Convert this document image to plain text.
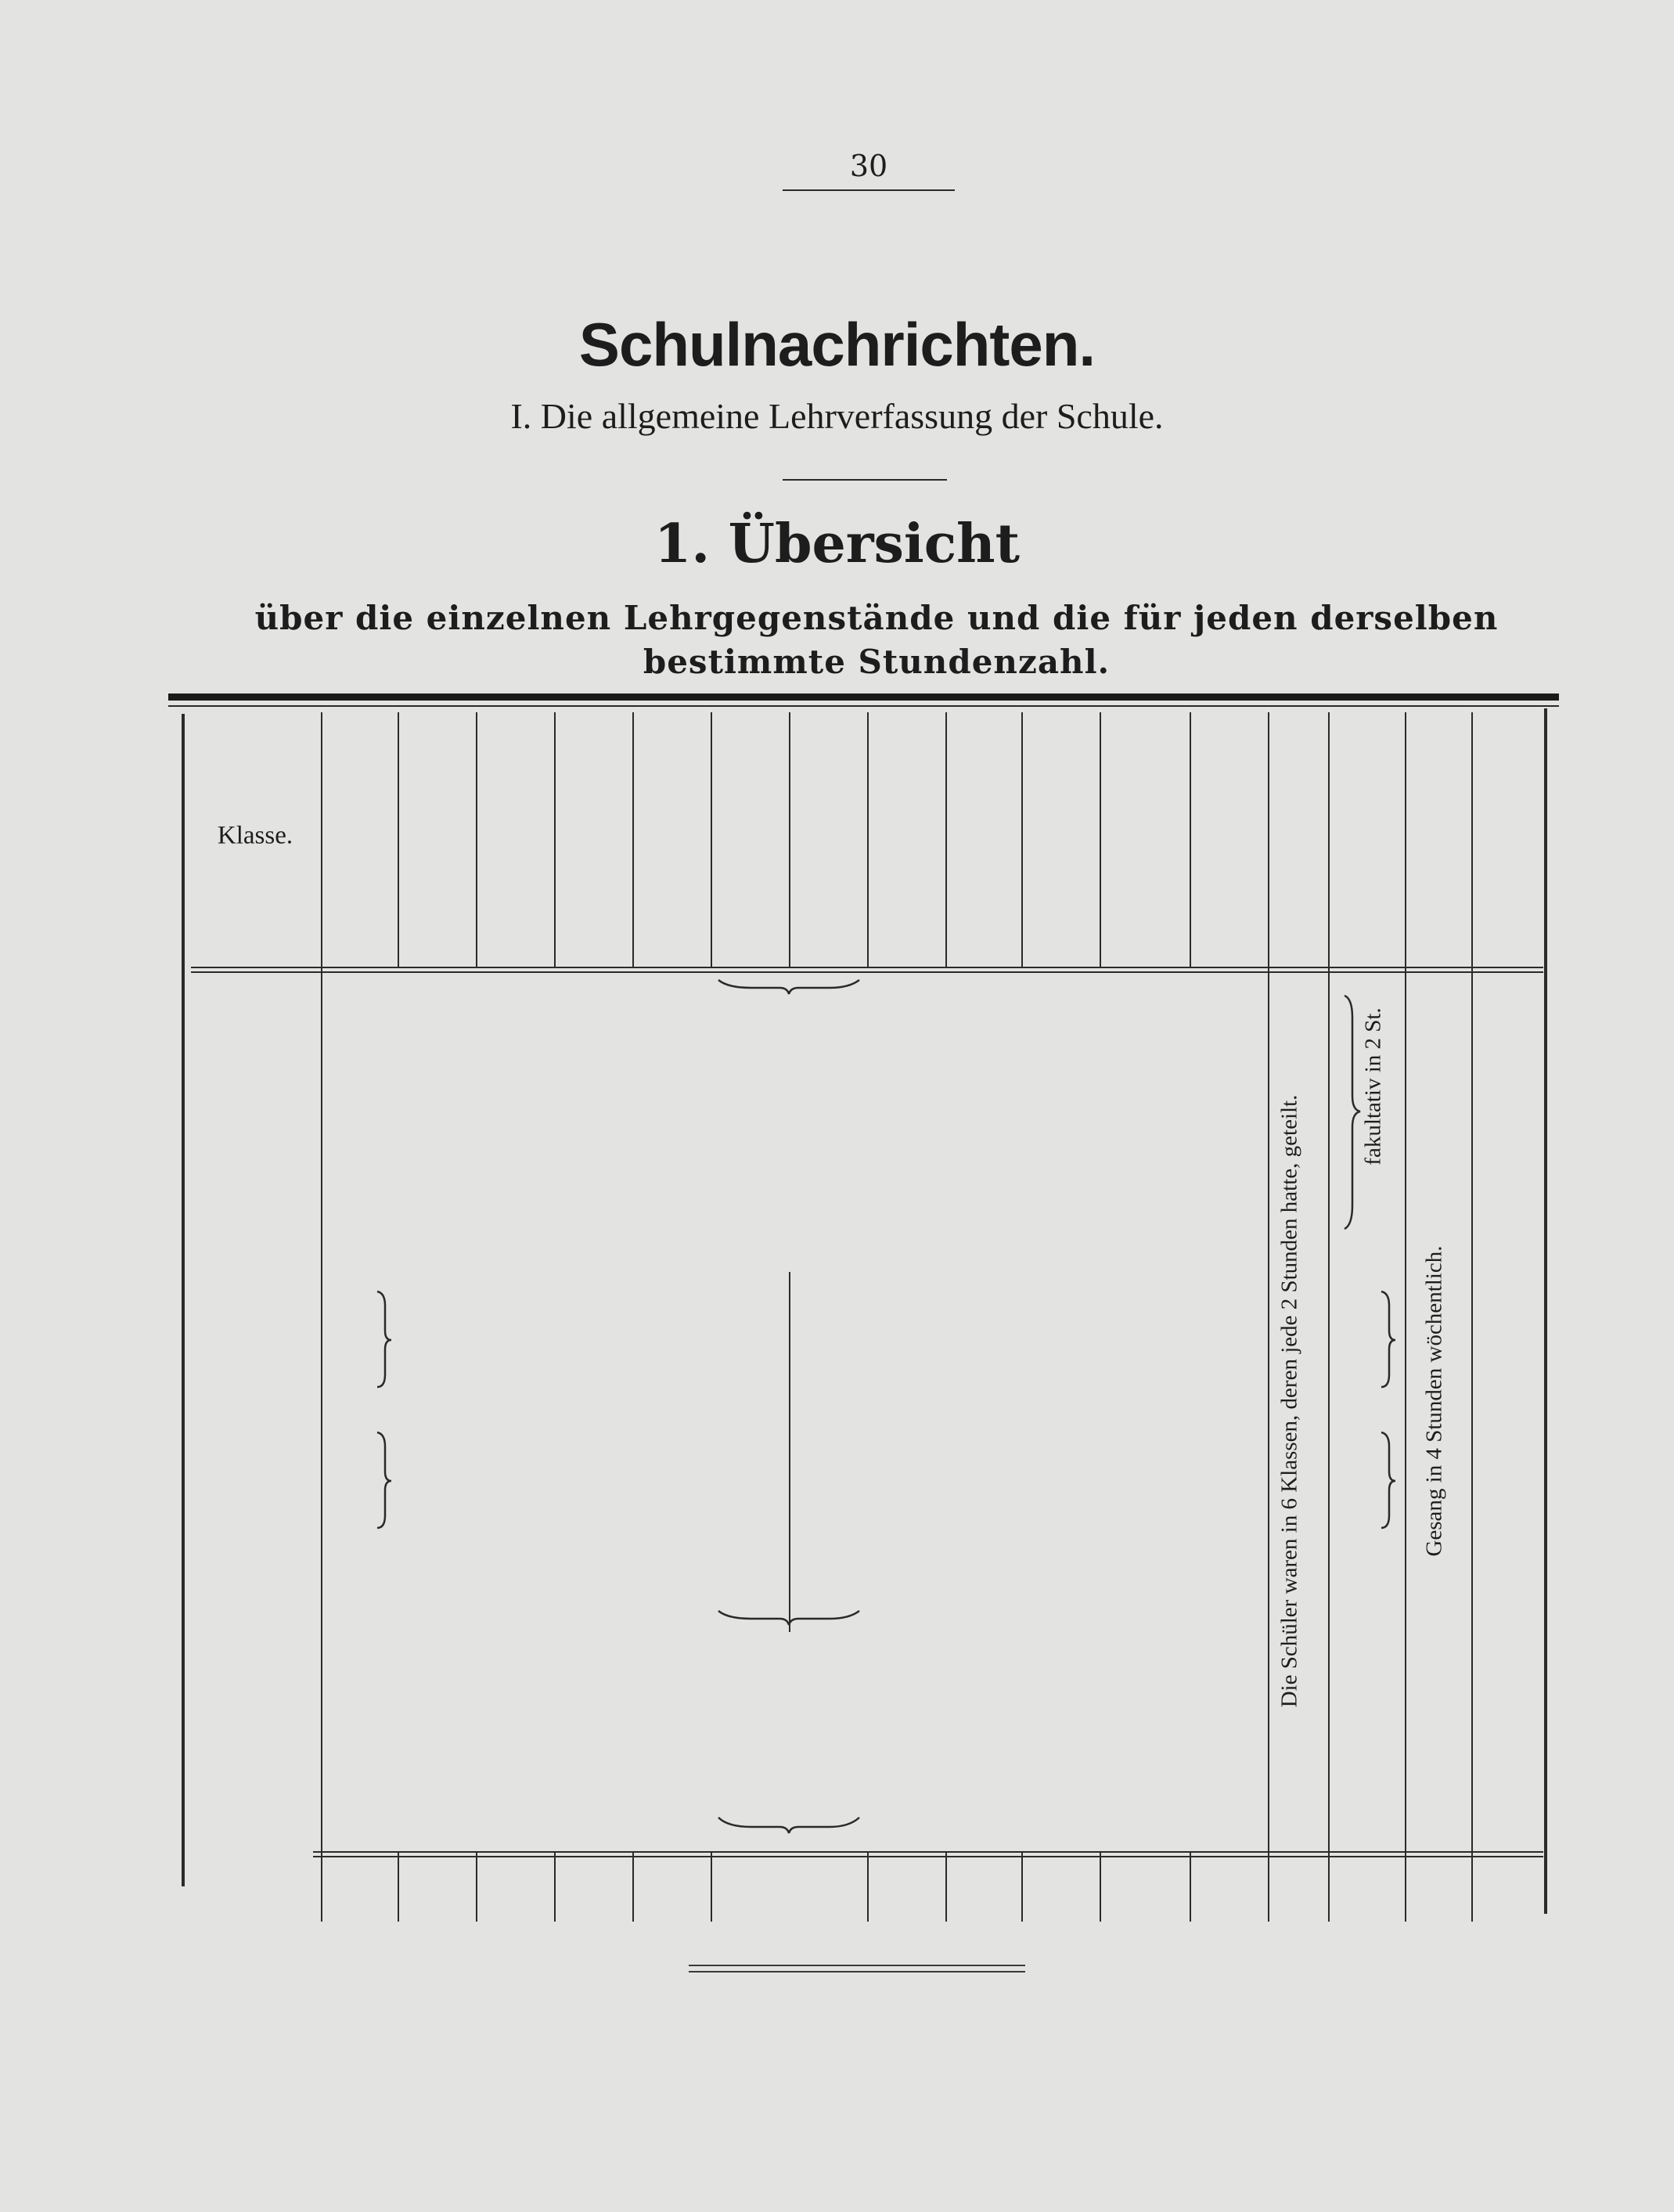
30
Schulnachrichten.
I. Die allgemeine Lehrverfassung der Schule.
1. Übersicht
über die einzelnen Lehrgegenstände und die für jeden derselben
bestimmte Stundenzahl.
Klasse.
Die Schüler waren in 6 Klassen, deren jede 2 Stunden hatte, geteilt.
fakultativ in 2 St.
Gesang in 4 Stunden wöchentlich.
